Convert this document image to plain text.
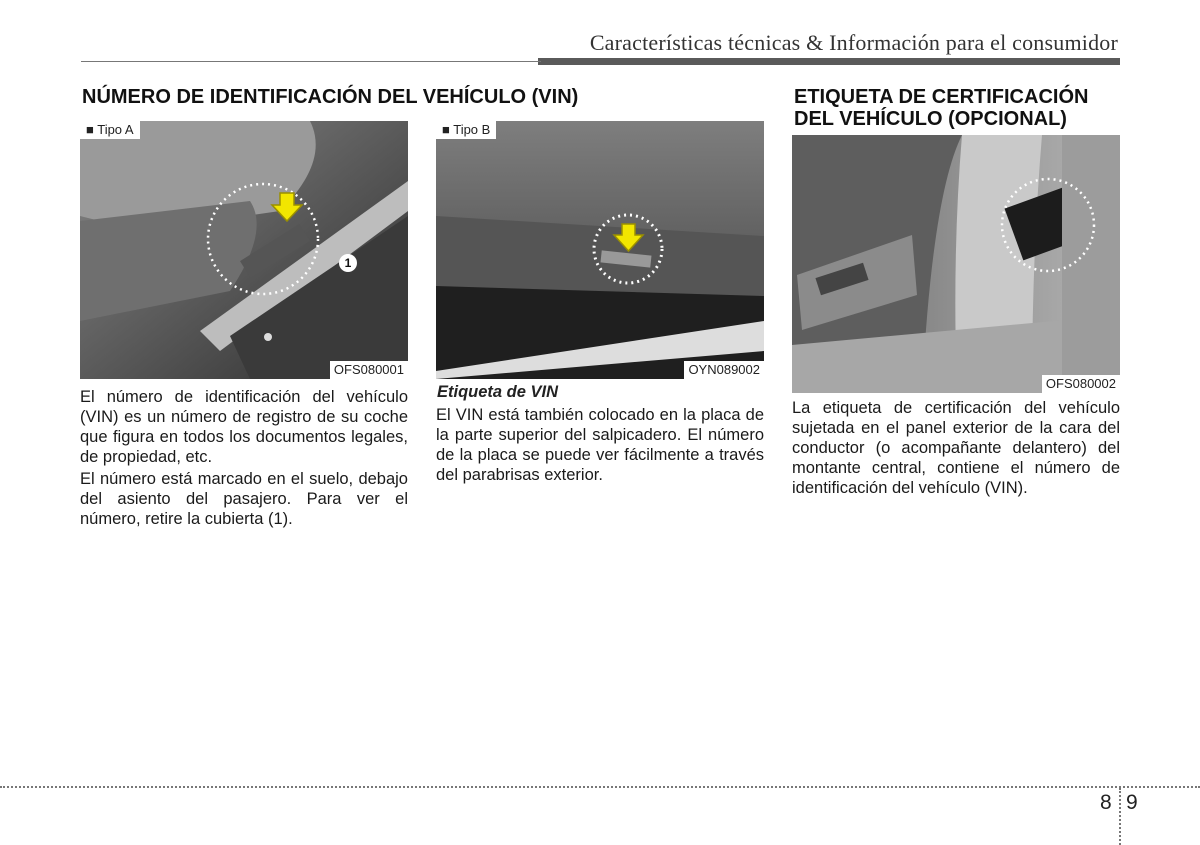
Características técnicas & Información para el consumidor
NÚMERO DE IDENTIFICACIÓN DEL VEHÍCULO (VIN)
1
■ Tipo A
OFS080001
■ Tipo B
OYN089002

El número de identificación del vehículo (VIN) es un número de registro de su coche que figura en todos los documentos legales, de propiedad, etc.

El número está marcado en el suelo, debajo del asiento del pasajero. Para ver el número, retire la cubierta (1).

Etiqueta de VIN

El VIN está también colocado en la placa de la parte superior del salpicadero. El número de la placa se puede ver fácilmente a través del parabrisas exterior.

ETIQUETA DE CERTIFICACIÓN
DEL VEHÍCULO (OPCIONAL)
OFS080002

La etiqueta de certificación del vehículo sujetada en el panel exterior de la cara del conductor (o acompañante delantero) del montante central, contiene el número de identificación del vehículo (VIN).

8 9
